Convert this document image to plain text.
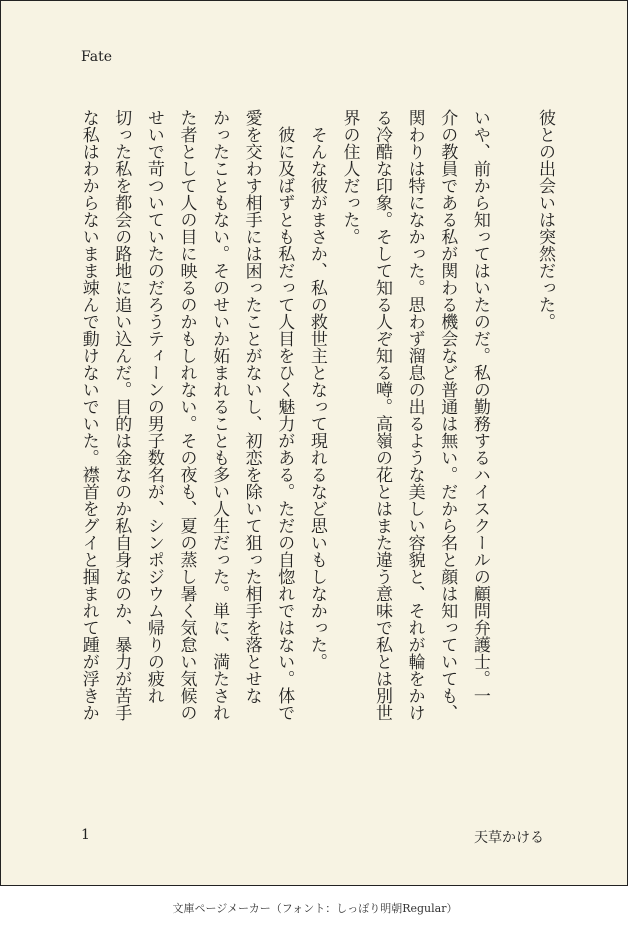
Fate

彼との出会いは突然だった。

いや、前から知ってはいたのだ。私の勤務するハイスクールの顧問弁護士。一

介の教員である私が関わる機会など普通は無い。だから名と顔は知っていても、

関わりは特になかった。思わず溜息の出るような美しい容貌と、それが輪をかけ

る冷酷な印象。そして知る人ぞ知る噂。高嶺の花とはまた違う意味で私とは別世

界の住人だった。

　そんな彼がまさか、私の救世主となって現れるなど思いもしなかった。

　彼に及ばずとも私だって人目をひく魅力がある。ただの自惚れではない。体で

愛を交わす相手には困ったことがないし、初恋を除いて狙った相手を落とせな

かったこともない。そのせいか妬まれることも多い人生だった。単に、満たされ

た者として人の目に映るのかもしれない。その夜も、夏の蒸し暑く気怠い気候の

せいで苛ついていたのだろうティーンの男子数名が、シンポジウム帰りの疲れ

切った私を都会の路地に追い込んだ。目的は金なのか私自身なのか、暴力が苦手

な私はわからないまま竦んで動けないでいた。襟首をグイと掴まれて踵が浮きか

1	天草かける
文庫ページメーカー（フォント：しっぽり明朝Regular）
